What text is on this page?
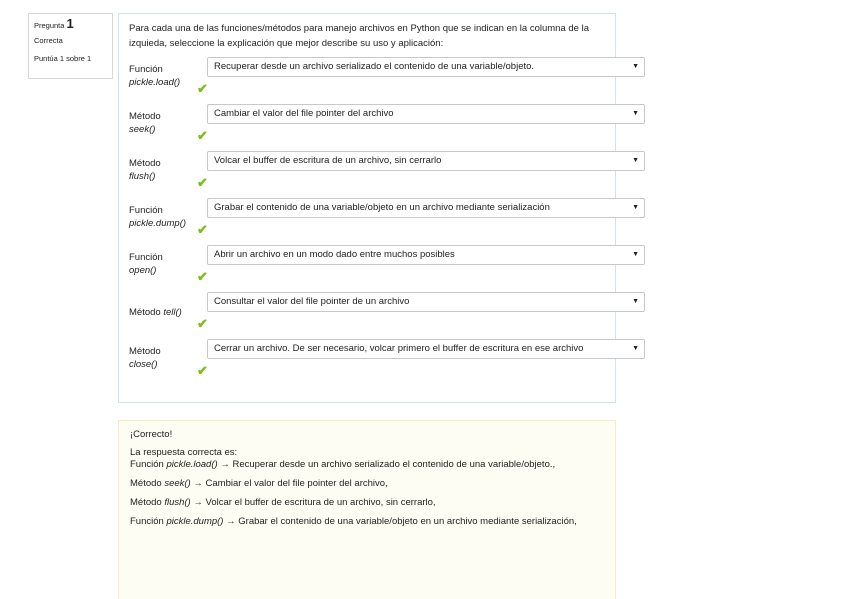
Pregunta 1
Correcta
Puntúa 1 sobre 1

Para cada una de las funciones/métodos para manejo archivos en Python que se indican en la columna de la izquieda, seleccione la explicación que mejor describe su uso y aplicación:

Función
pickle.load() ✔
Recuperar desde un archivo serializado el contenido de una variable/objeto.	▼
Método
seek()	✔
Cambiar el valor del file pointer del archivo	▼
Método
flush()	✔
Volcar el buffer de escritura de un archivo, sin cerrarlo	▼
Función
pickle.dump() ✔
Grabar el contenido de una variable/objeto en un archivo mediante serialización	▼
Función
open()	✔
Abrir un archivo en un modo dado entre muchos posibles	▼
Método tell()
✔
Consultar el valor del file pointer de un archivo	▼
Método
close()	✔
Cerrar un archivo. De ser necesario, volcar primero el buffer de escritura en ese archivo	▼

¡Correcto!

La respuesta correcta es:

Función pickle.load() → Recuperar desde un archivo serializado el contenido de una variable/objeto.,

Método seek() → Cambiar el valor del file pointer del archivo,

Método flush() → Volcar el buffer de escritura de un archivo, sin cerrarlo,

Función pickle.dump() → Grabar el contenido de una variable/objeto en un archivo mediante serialización,
